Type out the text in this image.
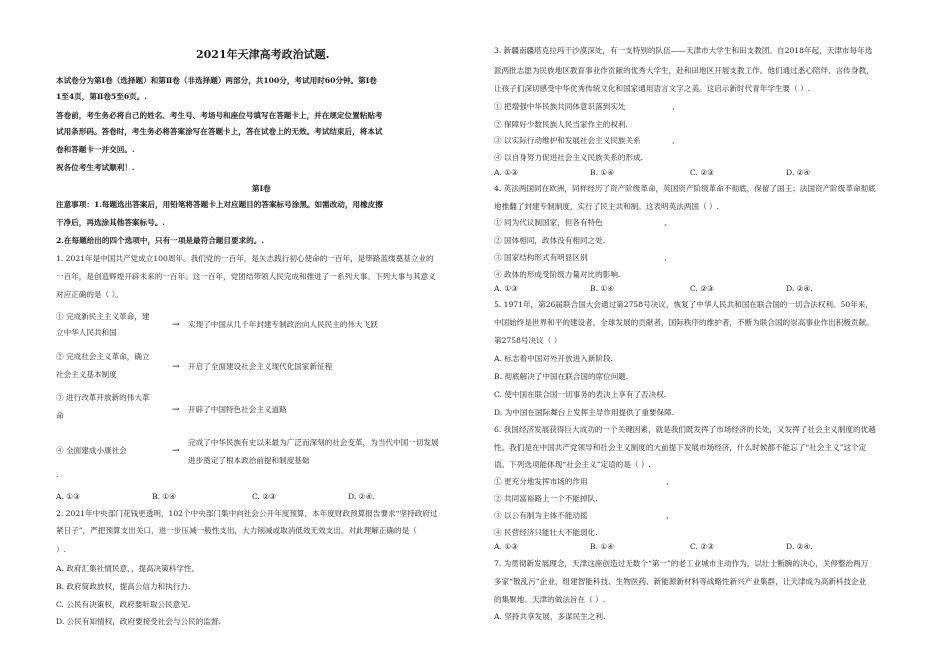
2021年天津高考政治试题.
本试卷分为第Ⅰ卷（选择题）和第Ⅱ卷（非选择题）两部分，共100分，考试用时60分钟。第Ⅰ卷
1至4页，第Ⅱ卷5至6页。.
答卷前，考生务必将自己的姓名、考生号、考场号和座位号填写在答题卡上，并在规定位置粘贴考
试用条形码。答卷时，考生务必将答案涂写在答题卡上，答在试卷上的无效。考试结束后，将本试
卷和答题卡一并交回。.
祝各位考生考试顺利！.
第Ⅰ卷
注意事项：1.每题选出答案后，用铅笔将答题卡上对应题目的答案标号涂黑。如需改动，用橡皮擦
干净后，再选涂其他答案标号。.
2.在每题给出的四个选项中，只有一项是最符合题目要求的。.
1. 2021年是中国共产党成立100周年。我们党的一百年，是矢志践行初心使命的一百年，是筚路蓝缕奠基立业的
一百年，是创造辉煌开辟未来的一百年。这一百年，党团结带领人民完成和推进了一系列大事。下列大事与其意义
对应正确的是（ ）。
① 完成新民主主义革命，建
立中华人民共和国
→ 实现了中国从几千年封建专制政治向人民民主的伟大飞跃
② 完成社会主义革命，确立
社会主义基本制度
→ 开启了全面建设社会主义现代化国家新征程
③ 进行改革开放新的伟大革
命
→ 开辟了中国特色社会主义道路
④ 全面建成小康社会
.
→
完成了中华民族有史以来最为广泛而深刻的社会变革，为当代中国一切发展
进步奠定了根本政治前提和制度基础
A. ①③	B. ①④	C. ②③	D. ②④.
2. 2021年中央部门花钱更透明，102个中央部门集中向社会公开年度预算，本年度财政预算报告要求“坚持政府过
紧日子”，严把预算支出关口，进一步压减一般性支出，大力削减或取消低效无效支出。对此理解正确的是（
）.
A. 政府汇集社情民意，，提高决策科学性。
B. 政府简政放权，提高公信力和执行力.
C. 公民有决策权，政府要听取公民意见.
D. 公民有知情权，政府要接受社会与公民的监督.
3. 新疆南疆塔克拉玛干沙漠深处，有一支特别的队伍——天津市大学生和田支教团。自2018年起，天津市每年选
派两批志愿为民族地区教育事业作贡献的优秀大学生，赴和田地区开展支教工作。他们通过悉心陪伴、言传身教，
让孩子们深切感受中华优秀传统文化和国家通用语言文字之美。这启示新时代青年学生要（ ）.
① 把增强中华民族共同体意识落到实处	、
② 保障好少数民族人民当家作主的权利.
③ 以实际行动维护和发展社会主义民族关系	、
④ 以自身努力促进社会主义民族关系的形成.
A. ①③	B. ①④	C. ②③	D. ②④
4. 英法两国同在欧洲，同样经历了资产阶级革命，英国资产阶级革命不彻底，保留了国王；法国资产阶级革命彻底
地推翻了封建专制制度，实行了民主共和制。这表明英法两国（ ）.
① 同为代议制国家，但各有特色	、
② 国体相同，政体没有相同之处.
③ 国家结构形式有明显区别	、
④ 政体的形成受阶级力量对比的影响.
A. ①③	B. ①④	C. ②③	D. ②④.
5. 1971年，第26届联合国大会通过第2758号决议，恢复了中华人民共和国在联合国的一切合法权利。50年来，
中国始终是世界和平的建设者，全球发展的贡献者，国际秩序的维护者，不断为联合国的崇高事业作出积极贡献。
第2758号决议（ ）
A. 标志着中国对外开放进入新阶段.
B. 彻底解决了中国在联合国的席位问题.
C. 使中国在联合国一切事务的表决上享有了否决权.
D. 为中国在国际舞台上发挥主导作用提供了重要保障.
6. 我国经济发展获得巨大成功的一个关键因素，就是我们既发挥了市场经济的长处，又发挥了社会主义制度的优越
性。我们是在中国共产党领导和社会主义制度的大前提下发展市场经济，什么时候都不能忘了“社会主义”这个定
语。下列选项能体现“社会主义”定语的是（ ）.
① 更充分地发挥市场的作用	、
② 共同富裕路上一个不能掉队.
③ 以公有制为主体不能动摇	、
④ 民营经济只能壮大不能弱化.
A. ①③	B. ①④	C. ②③	D. ②④.
7. 为贯彻新发展理念，天津这座创造过无数个“第一”的老工业城市主动作为，以壮士断腕的决心，关停整治两万
多家“散乱污”企业，组建智能科技、生物医药、新能源新材料等战略性新兴产业集群，让天津成为高新科技企业
的集聚地。天津的做法旨在（ ）.
A. 坚持共享发展，多谋民生之利.
